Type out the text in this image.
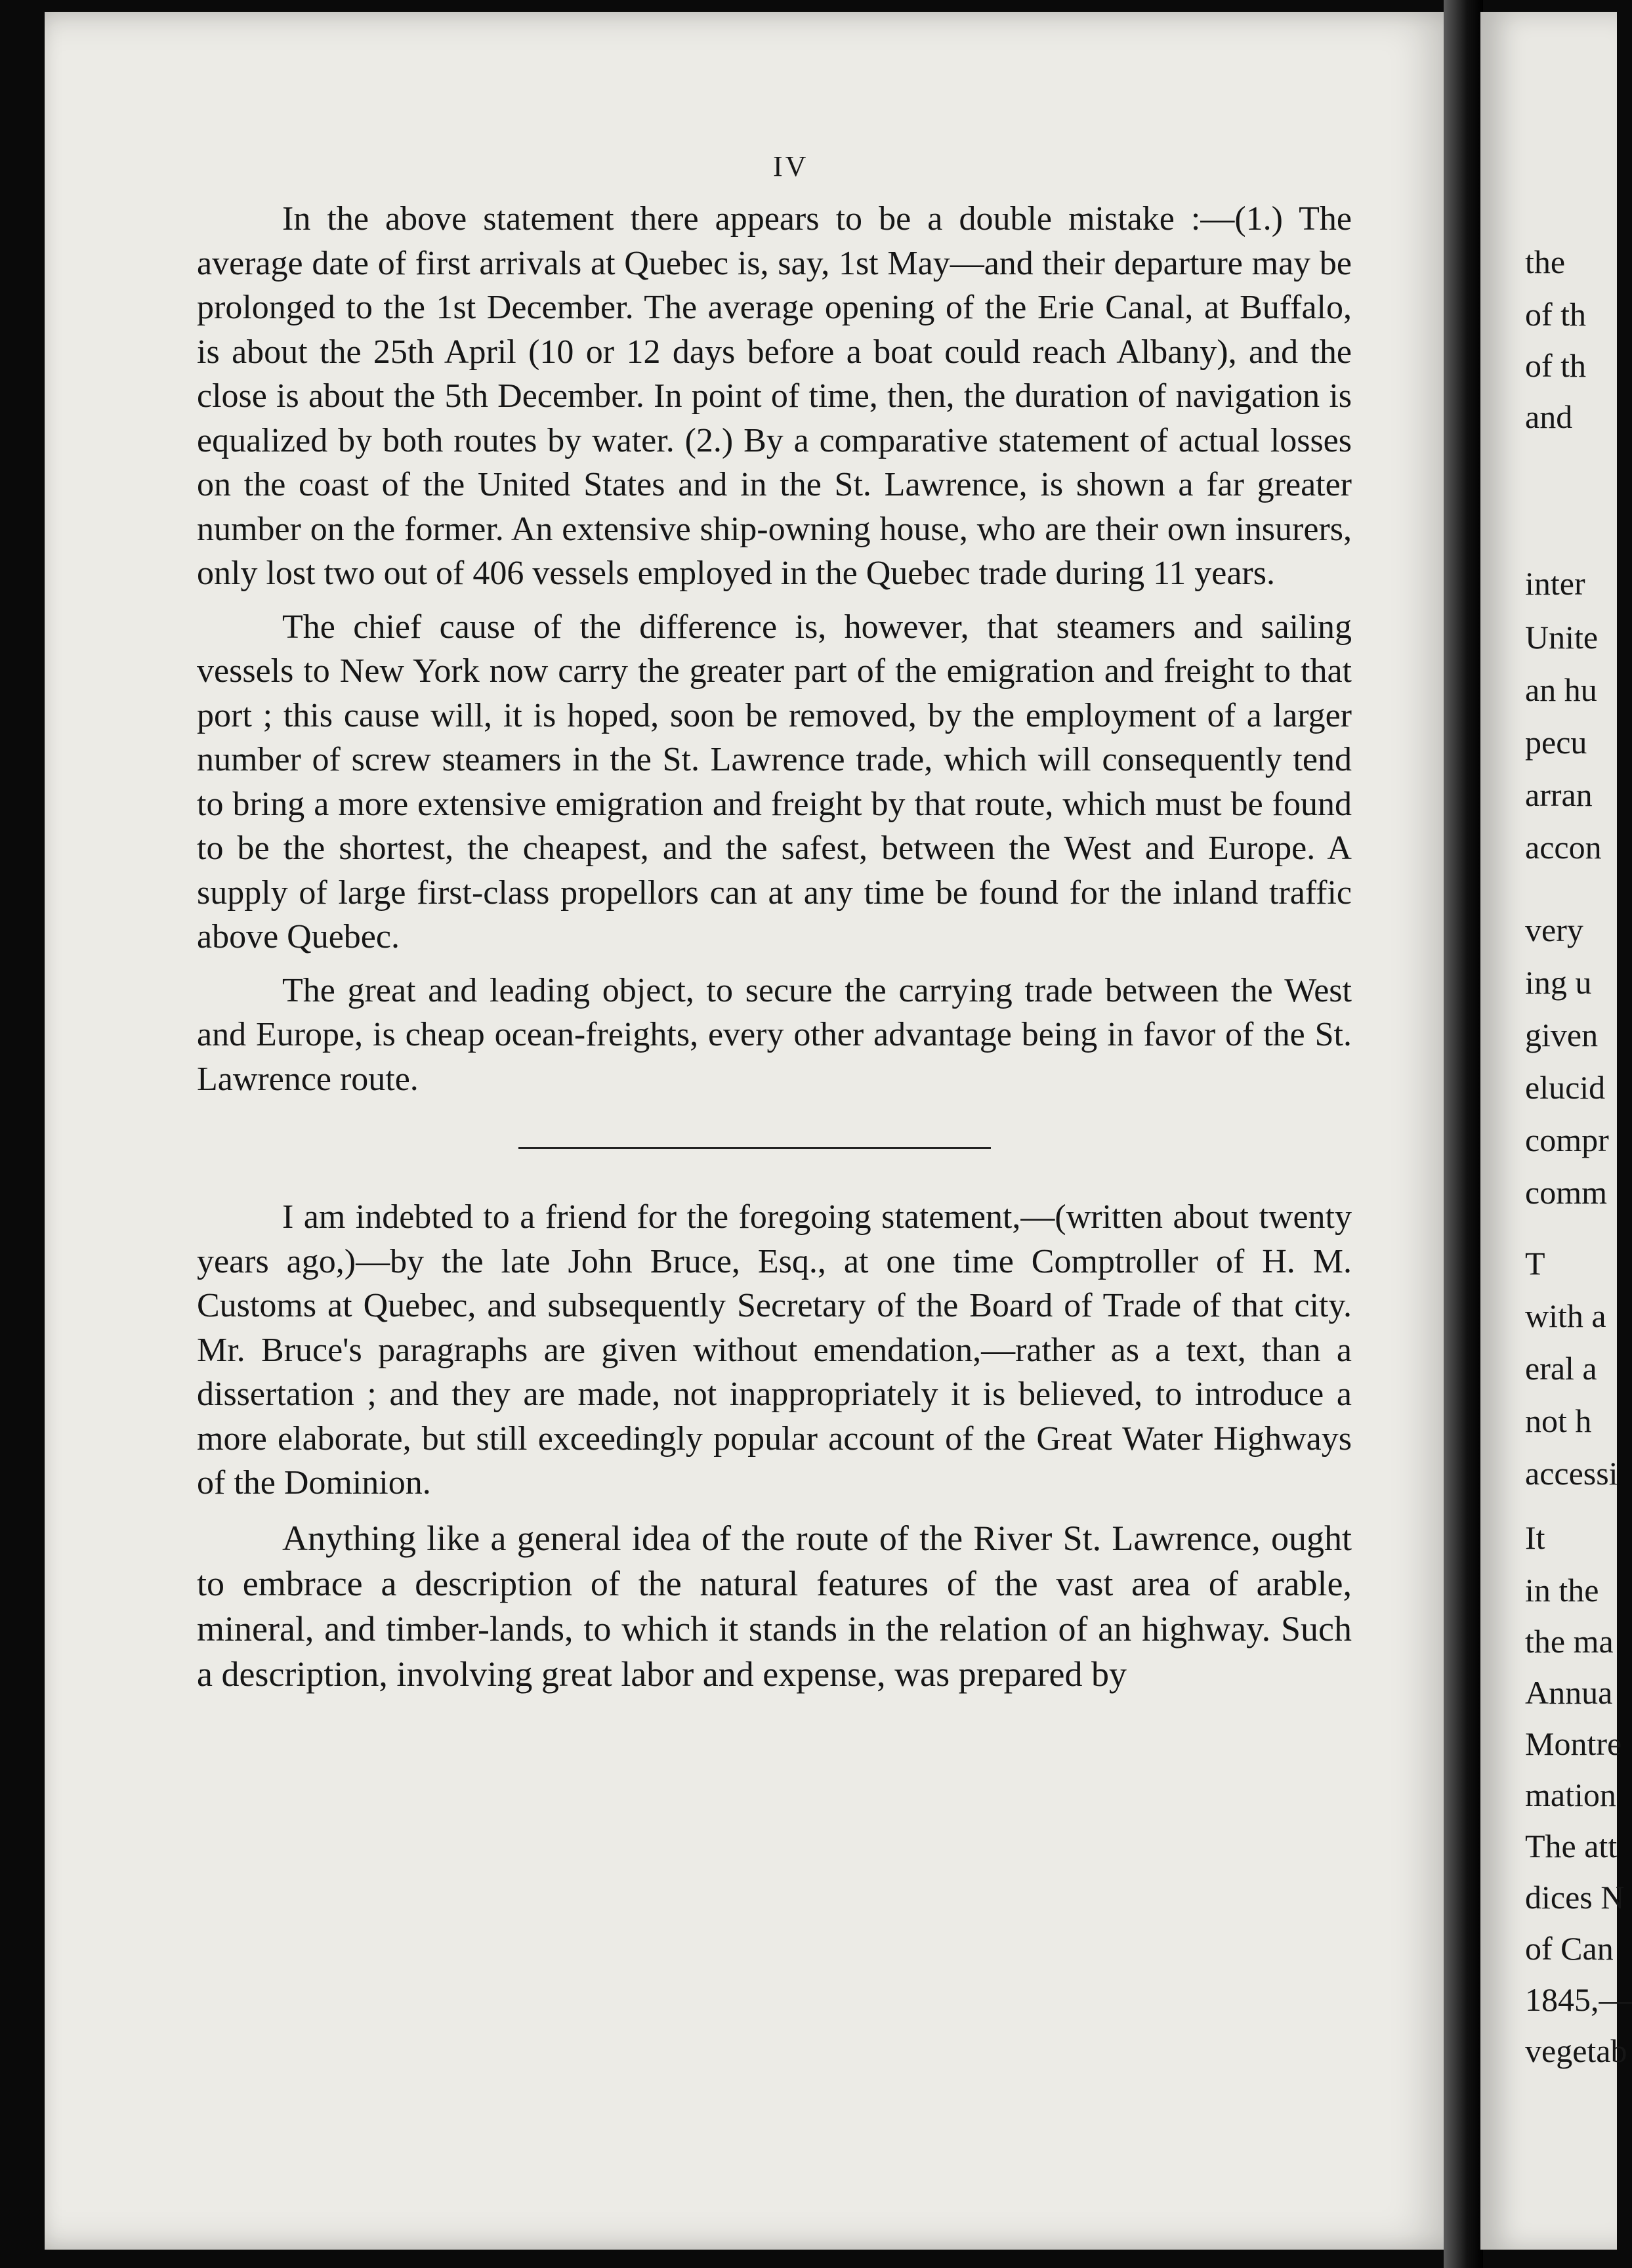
IV

In the above statement there appears to be a double mistake :—(1.) The average date of first arrivals at Quebec is, say, 1st May—and their departure may be prolonged to the 1st December. The average opening of the Erie Canal, at Buffalo, is about the 25th April (10 or 12 days before a boat could reach Albany), and the close is about the 5th December. In point of time, then, the duration of navigation is equalized by both routes by water. (2.) By a comparative statement of actual losses on the coast of the United States and in the St. Lawrence, is shown a far greater number on the former. An extensive ship-owning house, who are their own insurers, only lost two out of 406 vessels employed in the Quebec trade during 11 years.

The chief cause of the difference is, however, that steamers and sailing vessels to New York now carry the greater part of the emigration and freight to that port ; this cause will, it is hoped, soon be removed, by the employment of a larger number of screw steamers in the St. Lawrence trade, which will consequently tend to bring a more extensive emigration and freight by that route, which must be found to be the shortest, the cheapest, and the safest, between the West and Europe. A supply of large first-class propellors can at any time be found for the inland traffic above Quebec.

The great and leading object, to secure the carrying trade between the West and Europe, is cheap ocean-freights, every other advantage being in favor of the St. Lawrence route.

I am indebted to a friend for the foregoing statement,—(written about twenty years ago,)—by the late John Bruce, Esq., at one time Comptroller of H. M. Customs at Quebec, and subsequently Secretary of the Board of Trade of that city. Mr. Bruce's paragraphs are given without emendation,—rather as a text, than a dissertation ; and they are made, not inappropriately it is believed, to introduce a more elaborate, but still exceedingly popular account of the Great Water Highways of the Dominion.

Anything like a general idea of the route of the River St. Lawrence, ought to embrace a description of the natural features of the vast area of arable, mineral, and timber-lands, to which it stands in the relation of an highway. Such a description, involving great labor and expense, was prepared by

the
of th
of th
and
inter
Unite
an hu
pecu
arran
accon
very
ing u
given
elucid
compr
comm
T
with a
eral a
not h
accessi
It
in the
the ma
Annua
Montre
mation
The att
dices N
of Can
1845,—
vegetab
